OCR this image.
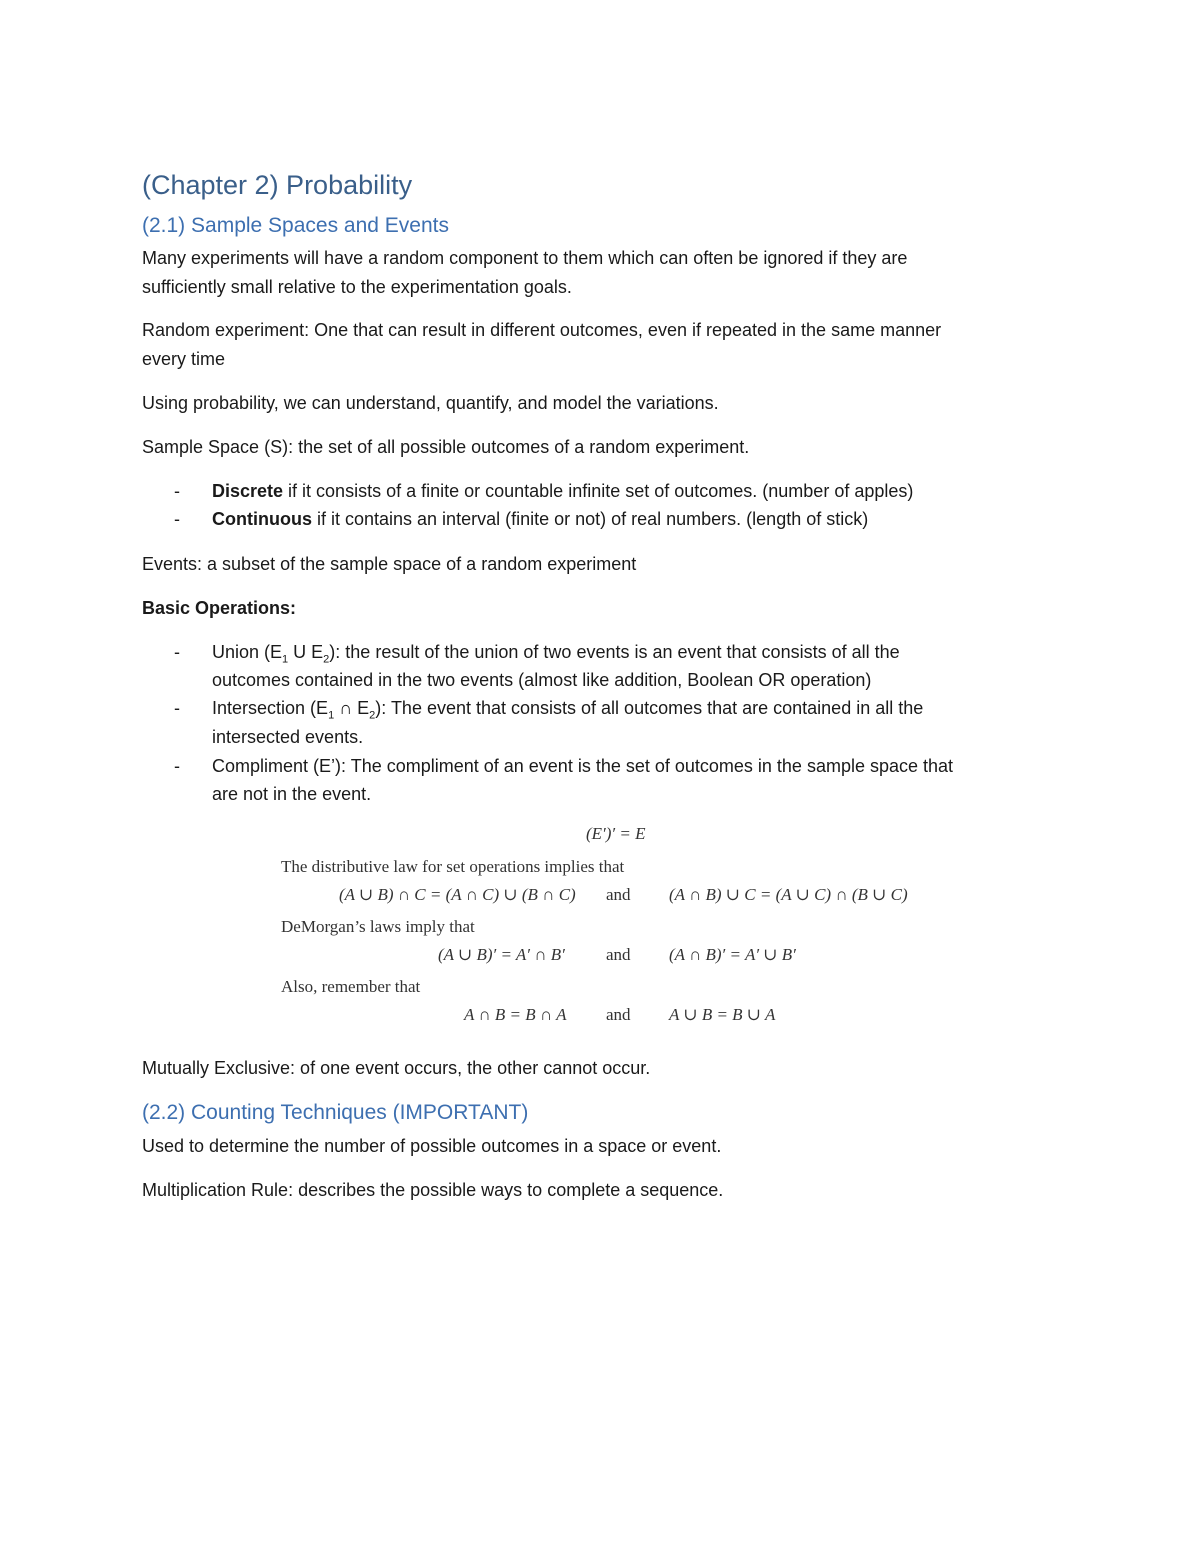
(Chapter 2) Probability
(2.1) Sample Spaces and Events

Many experiments will have a random component to them which can often be ignored if they are

sufficiently small relative to the experimentation goals.

Random experiment: One that can result in different outcomes, even if repeated in the same manner

every time

Using probability, we can understand, quantify, and model the variations.

Sample Space (S): the set of all possible outcomes of a random experiment.

- Discrete if it consists of a finite or countable infinite set of outcomes. (number of apples)
- Continuous if it contains an interval (finite or not) of real numbers. (length of stick)

Events: a subset of the sample space of a random experiment

Basic Operations:

- Union ($E_1$ U $E_2$): the result of the union of two events is an event that consists of all the
outcomes contained in the two events (almost like addition, Boolean OR operation)
- Intersection ($E_1$ ∩ $E_2$): The event that consists of all outcomes that are contained in all the
intersected events.
- Compliment (E’): The compliment of an event is the set of outcomes in the sample space that
are not in the event.
(E′)′ = E
The distributive law for set operations implies that
(A ∪ B) ∩ C = (A ∩ C) ∪ (B ∩ C) and (A ∩ B) ∪ C = (A ∪ C) ∩ (B ∪ C)
DeMorgan’s laws imply that
(A ∪ B)′ = A′ ∩ B′ and (A ∩ B)′ = A′ ∪ B′
Also, remember that
A ∩ B = B ∩ A and A ∪ B = B ∪ A

Mutually Exclusive: of one event occurs, the other cannot occur.

(2.2) Counting Techniques (IMPORTANT)

Used to determine the number of possible outcomes in a space or event.

Multiplication Rule: describes the possible ways to complete a sequence.
